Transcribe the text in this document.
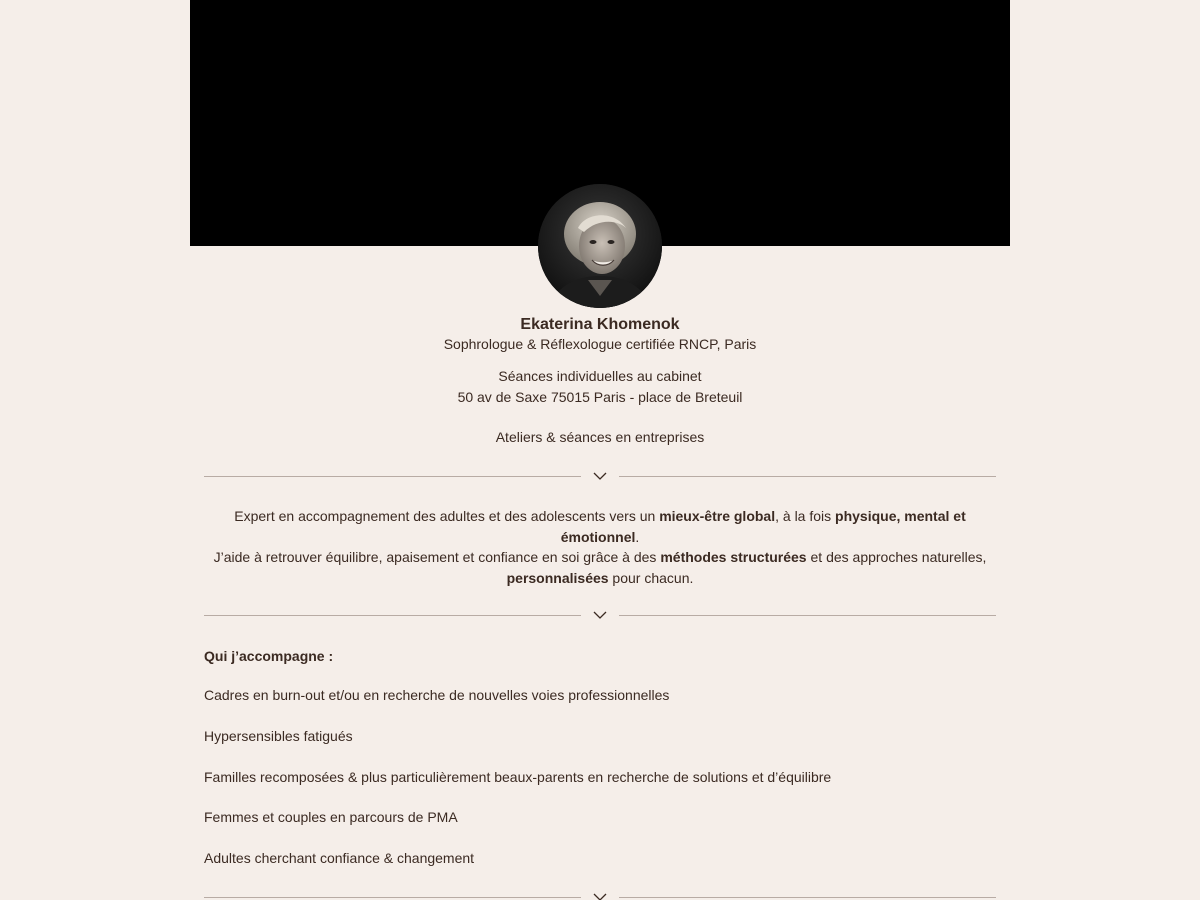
Ekaterina Khomenok
Sophrologue & Réflexologue certifiée RNCP, Paris
Séances individuelles au cabinet
50 av de Saxe 75015 Paris - place de Breteuil
Ateliers & séances en entreprises
Expert en accompagnement des adultes et des adolescents vers un mieux-être global, à la fois physique, mental et émotionnel.
J’aide à retrouver équilibre, apaisement et confiance en soi grâce à des méthodes structurées et des approches naturelles, personnalisées pour chacun.
Qui j’accompagne :
Cadres en burn-out et/ou en recherche de nouvelles voies professionnelles
Hypersensibles fatigués
Familles recomposées & plus particulièrement beaux-parents en recherche de solutions et d’équilibre
Femmes et couples en parcours de PMA
Adultes cherchant confiance & changement
